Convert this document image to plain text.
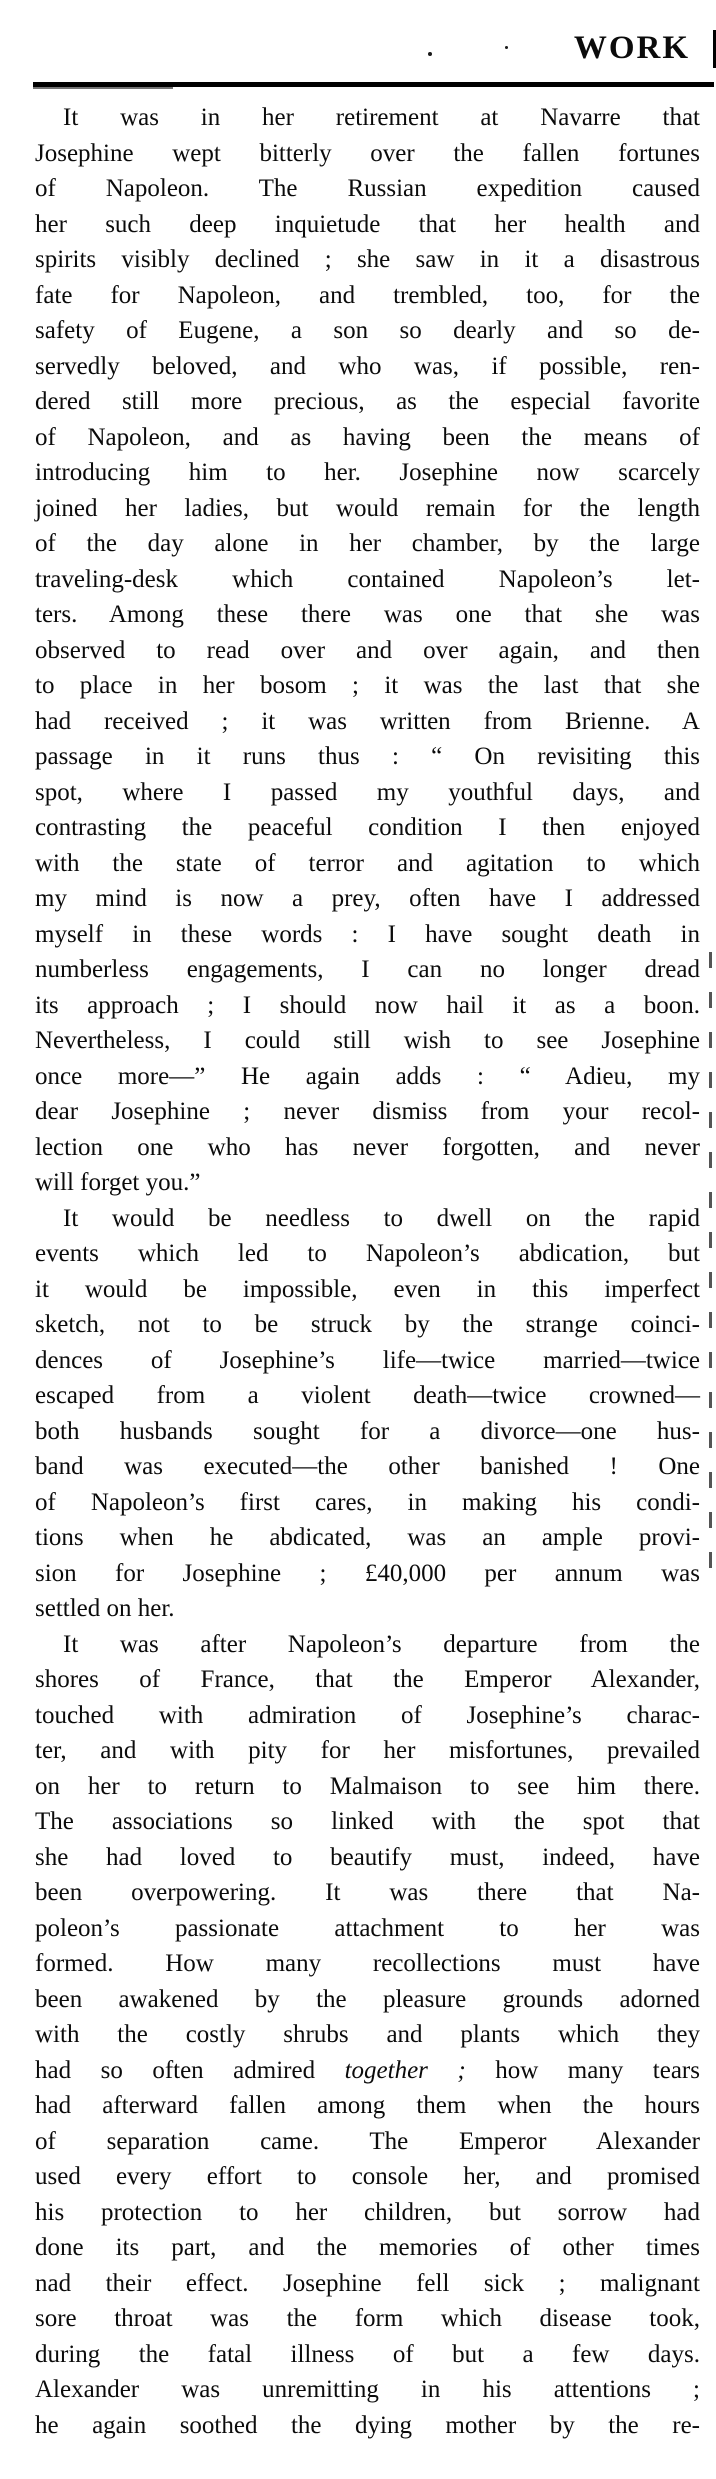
WORK
It was in her retirement at Navarre that
Josephine wept bitterly over the fallen fortunes
of Napoleon. The Russian expedition caused
her such deep inquietude that her health and
spirits visibly declined ; she saw in it a disastrous
fate for Napoleon, and trembled, too, for the
safety of Eugene, a son so dearly and so de-
servedly beloved, and who was, if possible, ren-
dered still more precious, as the especial favorite
of Napoleon, and as having been the means of
introducing him to her. Josephine now scarcely
joined her ladies, but would remain for the length
of the day alone in her chamber, by the large
traveling-desk which contained Napoleon’s let-
ters. Among these there was one that she was
observed to read over and over again, and then
to place in her bosom ; it was the last that she
had received ; it was written from Brienne. A
passage in it runs thus : “ On revisiting this
spot, where I passed my youthful days, and
contrasting the peaceful condition I then enjoyed
with the state of terror and agitation to which
my mind is now a prey, often have I addressed
myself in these words : I have sought death in
numberless engagements, I can no longer dread
its approach ; I should now hail it as a boon.
Nevertheless, I could still wish to see Josephine
once more—” He again adds : “ Adieu, my
dear Josephine ; never dismiss from your recol-
lection one who has never forgotten, and never
will forget you.”
It would be needless to dwell on the rapid
events which led to Napoleon’s abdication, but
it would be impossible, even in this imperfect
sketch, not to be struck by the strange coinci-
dences of Josephine’s life—twice married—twice
escaped from a violent death—twice crowned—
both husbands sought for a divorce—one hus-
band was executed—the other banished ! One
of Napoleon’s first cares, in making his condi-
tions when he abdicated, was an ample provi-
sion for Josephine ; £40,000 per annum was
settled on her.
It was after Napoleon’s departure from the
shores of France, that the Emperor Alexander,
touched with admiration of Josephine’s charac-
ter, and with pity for her misfortunes, prevailed
on her to return to Malmaison to see him there.
The associations so linked with the spot that
she had loved to beautify must, indeed, have
been overpowering. It was there that Na-
poleon’s passionate attachment to her was
formed. How many recollections must have
been awakened by the pleasure grounds adorned
with the costly shrubs and plants which they
had so often admired together ; how many tears
had afterward fallen among them when the hours
of separation came. The Emperor Alexander
used every effort to console her, and promised
his protection to her children, but sorrow had
done its part, and the memories of other times
nad their effect. Josephine fell sick ; malignant
sore throat was the form which disease took,
during the fatal illness of but a few days.
Alexander was unremitting in his attentions ;
he again soothed the dying mother by the re-
